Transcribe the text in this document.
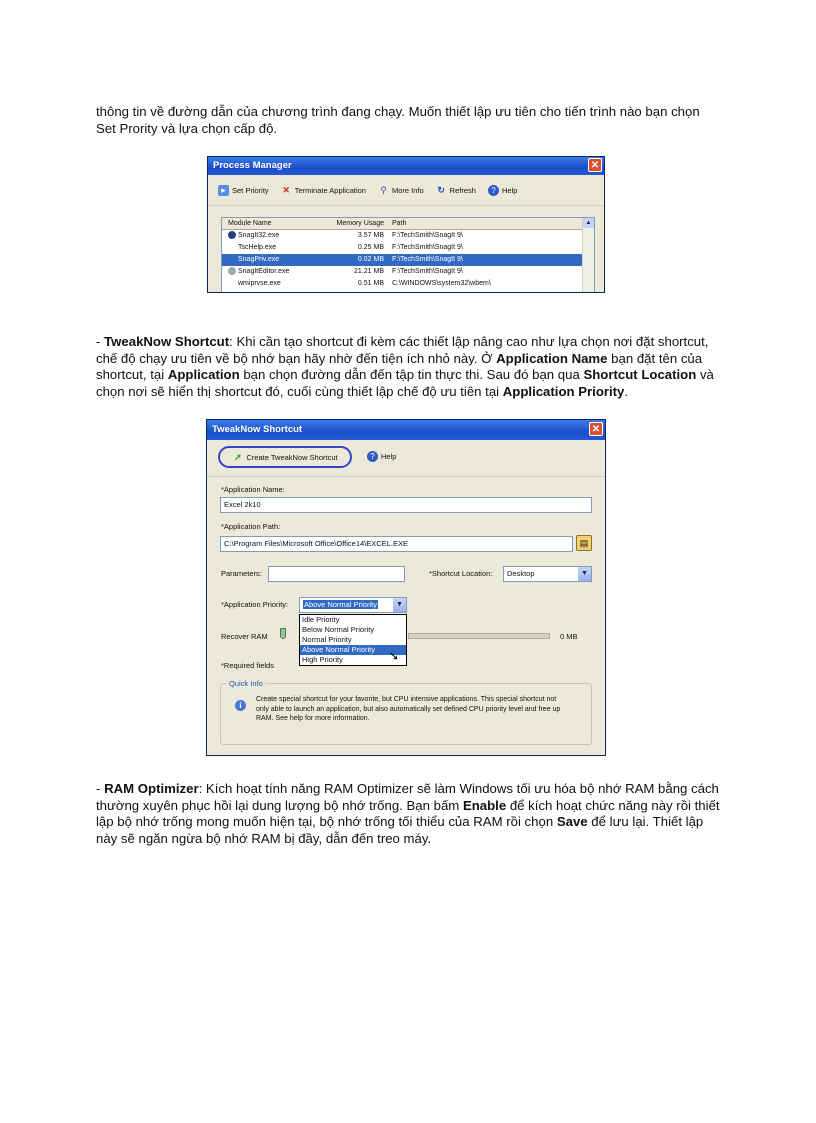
thông tin về đường dẫn của chương trình đang chạy. Muốn thiết lập ưu tiên cho tiến trình nào bạn chọn
Set Prority và lựa chọn cấp độ.

Process Manager	✕
▸ Set Priority ✕ Terminate Application ⚲ More Info ↻ Refresh	? Help
Module Name	Memory Usage	Path
SnagIt32.exe	3.57 MB	F:\TechSmith\SnagIt 9\
TscHelp.exe	0.25 MB	F:\TechSmith\SnagIt 9\
SnagPriv.exe	0.02 MB	F:\TechSmith\SnagIt 9\
SnagItEditor.exe	21.21 MB	F:\TechSmith\SnagIt 9\
wmiprvse.exe	0.51 MB	C:\WINDOWS\system32\wbem\
▲

- TweakNow Shortcut: Khi cần tạo shortcut đi kèm các thiết lập nâng cao như lựa chọn nơi đặt shortcut, chế độ chạy ưu tiên về bộ nhớ bạn hãy nhờ đến tiện ích nhỏ này. Ở Application Name bạn đặt tên của shortcut, tại Application bạn chọn đường dẫn đến tập tin thực thi. Sau đó bạn qua Shortcut Location và chọn nơi sẽ hiển thị shortcut đó, cuối cùng thiết lập chế độ ưu tiên tại Application Priority.

TweakNow Shortcut	✕
➚ Create TweakNow Shortcut	? Help
*Application Name:
Excel 2k10
*Application Path:
C:\Program Files\Microsoft Office\Office14\EXCEL.EXE	▤
Parameters:	*Shortcut Location:	Desktop	▼
*Application Priority:	Above Normal Priority	▼
Idle Priority
Below Normal Priority
Normal Priority
Above Normal Priority
High Priority	➘
Recover RAM	0 MB
*Required fields
Quick Info
i
Create special shortcut for your favorite, but CPU intensive applications. This special shortcut not only able to launch an application, but also automatically set defined CPU priority level and free up RAM. See help for more information.

- RAM Optimizer: Kích hoạt tính năng RAM Optimizer sẽ làm Windows tối ưu hóa bộ nhớ RAM bằng cách thường xuyên phục hồi lại dung lượng bộ nhớ trống. Bạn bấm Enable để kích hoạt chức năng này rồi thiết lập bộ nhớ trống mong muốn hiện tại, bộ nhớ trống tối thiểu của RAM rồi chọn Save để lưu lại. Thiết lập này sẽ ngăn ngừa bộ nhớ RAM bị đầy, dẫn đến treo máy.
